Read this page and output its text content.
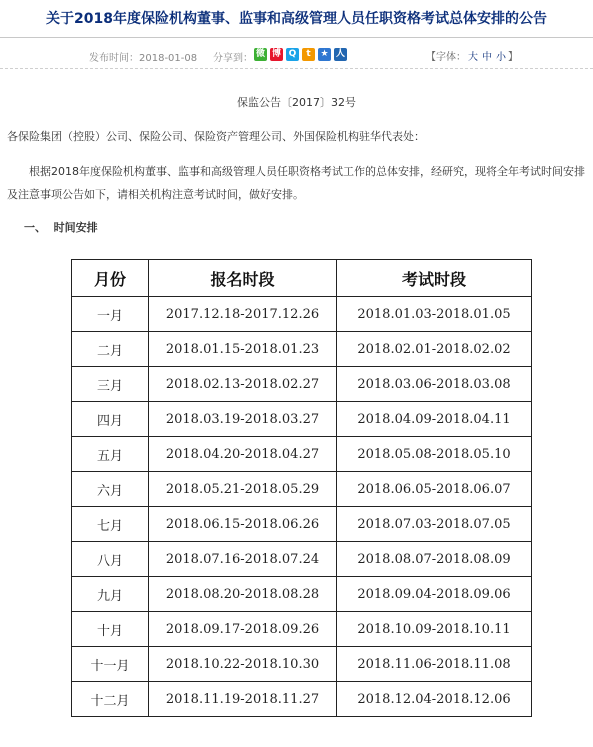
关于2018年度保险机构董事、监事和高级管理人员任职资格考试总体安排的公告
发布时间：2018-01-08 分享到： 微 博 Q	t	★ 人	【字体： 大 中 小 】
保监公告〔2017〕32号
各保险集团（控股）公司、保险公司、保险资产管理公司、外国保险机构驻华代表处：
根据2018年度保险机构董事、监事和高级管理人员任职资格考试工作的总体安排，经研究，现将全年考试时间安排及注意事项公告如下，请相关机构注意考试时间，做好安排。
一、  时间安排
月份	报名时段	考试时段
一月	2017.12.18-2017.12.26	2018.01.03-2018.01.05
二月	2018.01.15-2018.01.23	2018.02.01-2018.02.02
三月	2018.02.13-2018.02.27	2018.03.06-2018.03.08
四月	2018.03.19-2018.03.27	2018.04.09-2018.04.11
五月	2018.04.20-2018.04.27	2018.05.08-2018.05.10
六月	2018.05.21-2018.05.29	2018.06.05-2018.06.07
七月	2018.06.15-2018.06.26	2018.07.03-2018.07.05
八月	2018.07.16-2018.07.24	2018.08.07-2018.08.09
九月	2018.08.20-2018.08.28	2018.09.04-2018.09.06
十月	2018.09.17-2018.09.26	2018.10.09-2018.10.11
十一月	2018.10.22-2018.10.30	2018.11.06-2018.11.08
十二月	2018.11.19-2018.11.27	2018.12.04-2018.12.06
